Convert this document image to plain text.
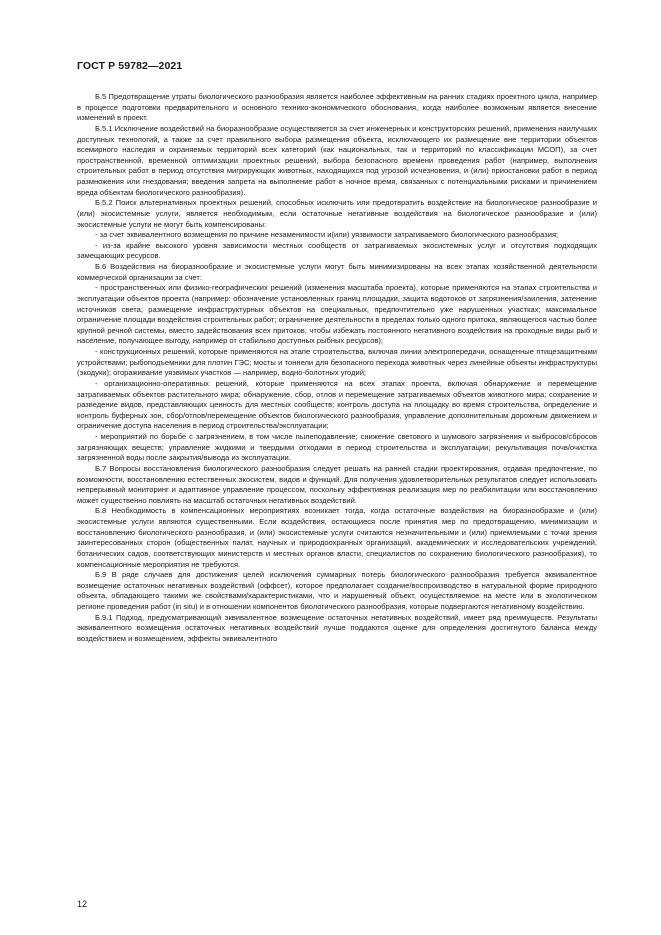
ГОСТ Р 59782—2021

Б.5 Предотвращение утраты биологического разнообразия является наиболее эффективным на ранних стадиях проектного цикла, например в процессе подготовки предварительного и основного технико-экономического обоснования, когда наиболее возможным является внесение изменений в проект.

Б.5.1 Исключение воздействий на биоразнообразие осуществляется за счет инженерных и конструкторских решений, применения наилучших доступных технологий, а также за счет правильного выбора размещения объекта, исключающего их размещение вне территории объектов всемирного наследия и охраняемых территорий всех категорий (как национальных, так и территорий по классификации МСОП), за счет пространственной, временной оптимизации проектных решений, выбора безопасного времени проведения работ (например, выполнения строительных работ в период отсутствия мигрирующих животных, находящихся под угрозой исчезновения, и (или) приостановки работ в период размножения или гнездования; введения запрета на выполнение работ в ночное время, связанных с потенциальными рисками и причинением вреда объектам биологического разнообразия).

Б.5.2 Поиск альтернативных проектных решений, способных исключить или предотвратить воздействие на биологическое разнообразие и (или) экосистемные услуги, является необходимым, если остаточные негативные воздействия на биологическое разнообразие и (или) экосистемные услуги не могут быть компенсированы:

- за счет эквивалентного возмещения по причине незаменимости и(или) уязвимости затрагиваемого биологического разнообразия;

- из-за крайне высокого уровня зависимости местных сообществ от затрагиваемых экосистемных услуг и отсутствия подходящих замещающих ресурсов.

Б.6 Воздействия на биоразнообразие и экосистемные услуги могут быть минимизированы на всех этапах хозяйственной деятельности коммерческой организации за счет:

- пространственных или физико-географических решений (изменения масштаба проекта), которые применяются на этапах строительства и эксплуатации объектов проекта (например: обозначение установленных границ площадки, защита водотоков от загрязнения/заиления, затенение источников света; размещение инфраструктурных объектов на специальных, предпочтительно уже нарушенных участках; максимальное ограничение площади воздействия строительных работ; ограничение деятельности в пределах только одного притока, являющегося частью более крупной речной системы, вместо задействования всех притоков, чтобы избежать постоянного негативного воздействия на проходные виды рыб и население, получающее выгоду, например от стабильно доступных рыбных ресурсов);

- конструкционных решений, которые применяются на этапе строительства, включая линии электропередачи, оснащенные птицезащитными устройствами; рыбоподъемники для плотин ГЭС; мосты и тоннели для безопасного перехода животных через линейные объекты инфраструктуры (экодуки); огораживание уязвимых участков — например, водно-болотных угодий;

- организационно-оперативных решений, которые применяются на всех этапах проекта, включая обнаружение и перемещение затрагиваемых объектов растительного мира; обнаружение, сбор, отлов и перемещение затрагиваемых объектов животного мира; сохранение и разведение видов, представляющих ценность для местных сообществ; контроль доступа на площадку во время строительства, определение и контроль буферных зон, сбор/отлов/перемещение объектов биологического разнообразия, управление дополнительным дорожным движением и ограничение доступа населения в период строительства/эксплуатации;

- мероприятий по борьбе с загрязнением, в том числе пылеподавление; снижение светового и шумового загрязнения и выбросов/сбросов загрязняющих веществ; управление жидкими и твердыми отходами в период строительства и эксплуатации; рекультивация почв/очистка загрязненной воды после закрытия/вывода из эксплуатации.

Б.7 Вопросы восстановления биологического разнообразия следует решать на ранней стадии проектирования, отдавая предпочтение, по возможности, восстановлению естественных экосистем, видов и функций. Для получения удовлетворительных результатов следует использовать непрерывный мониторинг и адаптивное управление процессом, поскольку эффективная реализация мер по реабилитации или восстановлению может существенно повлиять на масштаб остаточных негативных воздействий.

Б.8 Необходимость в компенсационных мероприятиях возникает тогда, когда остаточные воздействия на биоразнообразие и (или) экосистемные услуги являются существенными. Если воздействия, остающиеся после принятия мер по предотвращению, минимизации и восстановлению биологического разнообразия, и (или) экосистемные услуги считаются незначительными и (или) приемлемыми с точки зрения заинтересованных сторон (общественных палат, научных и природоохранных организаций, академических и исследовательских учреждений, ботанических садов, соответствующих министерств и местных органов власти, специалистов по сохранению биологического разнообразия), то компенсационные мероприятия не требуются.

Б.9 В ряде случаев для достижения целей исключения суммарных потерь биологического разнообразия требуется эквивалентное возмещение остаточных негативных воздействий (оффсет), которое предполагает создание/воспроизводство в натуральной форме природного объекта, обладающего такими же свойствами/характеристиками, что и нарушенный объект, осуществляемое на месте или в экологическом регионе проведения работ (in situ) и в отношении компонентов биологического разнообразия, которые подвергаются негативному воздействию.

Б.9.1 Подход, предусматривающий эквивалентное возмещение остаточных негативных воздействий, имеет ряд преимуществ. Результаты эквивалентного возмещения остаточных негативных воздействий лучше поддаются оценке для определения достигнутого баланса между воздействием и возмещением, эффекты эквивалентного

12
